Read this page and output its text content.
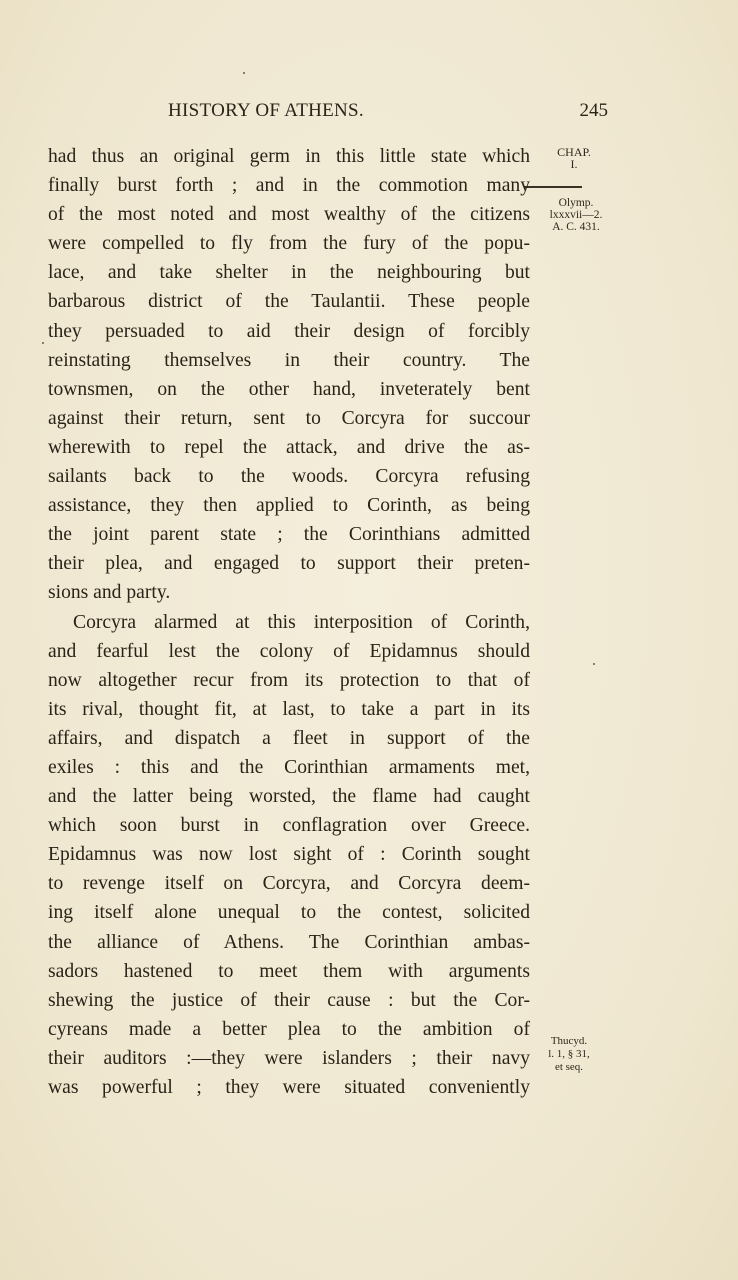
HISTORY OF ATHENS.	245
CHAP.
I.
Olymp.
lxxxvii—2.
A. C. 431.
Thucyd.
l. 1, § 31,
et seq.
had thus an original germ in this little state which
finally burst forth ; and in the commotion many
of the most noted and most wealthy of the citizens
were compelled to fly from the fury of the popu-
lace, and take shelter in the neighbouring but
barbarous district of the Taulantii. These people
they persuaded to aid their design of forcibly
reinstating themselves in their country. The
townsmen, on the other hand, inveterately bent
against their return, sent to Corcyra for succour
wherewith to repel the attack, and drive the as-
sailants back to the woods. Corcyra refusing
assistance, they then applied to Corinth, as being
the joint parent state ; the Corinthians admitted
their plea, and engaged to support their preten-
sions and party.
Corcyra alarmed at this interposition of Corinth,
and fearful lest the colony of Epidamnus should
now altogether recur from its protection to that of
its rival, thought fit, at last, to take a part in its
affairs, and dispatch a fleet in support of the
exiles : this and the Corinthian armaments met,
and the latter being worsted, the flame had caught
which soon burst in conflagration over Greece.
Epidamnus was now lost sight of : Corinth sought
to revenge itself on Corcyra, and Corcyra deem-
ing itself alone unequal to the contest, solicited
the alliance of Athens. The Corinthian ambas-
sadors hastened to meet them with arguments
shewing the justice of their cause : but the Cor-
cyreans made a better plea to the ambition of
their auditors :—they were islanders ; their navy
was powerful ; they were situated conveniently
